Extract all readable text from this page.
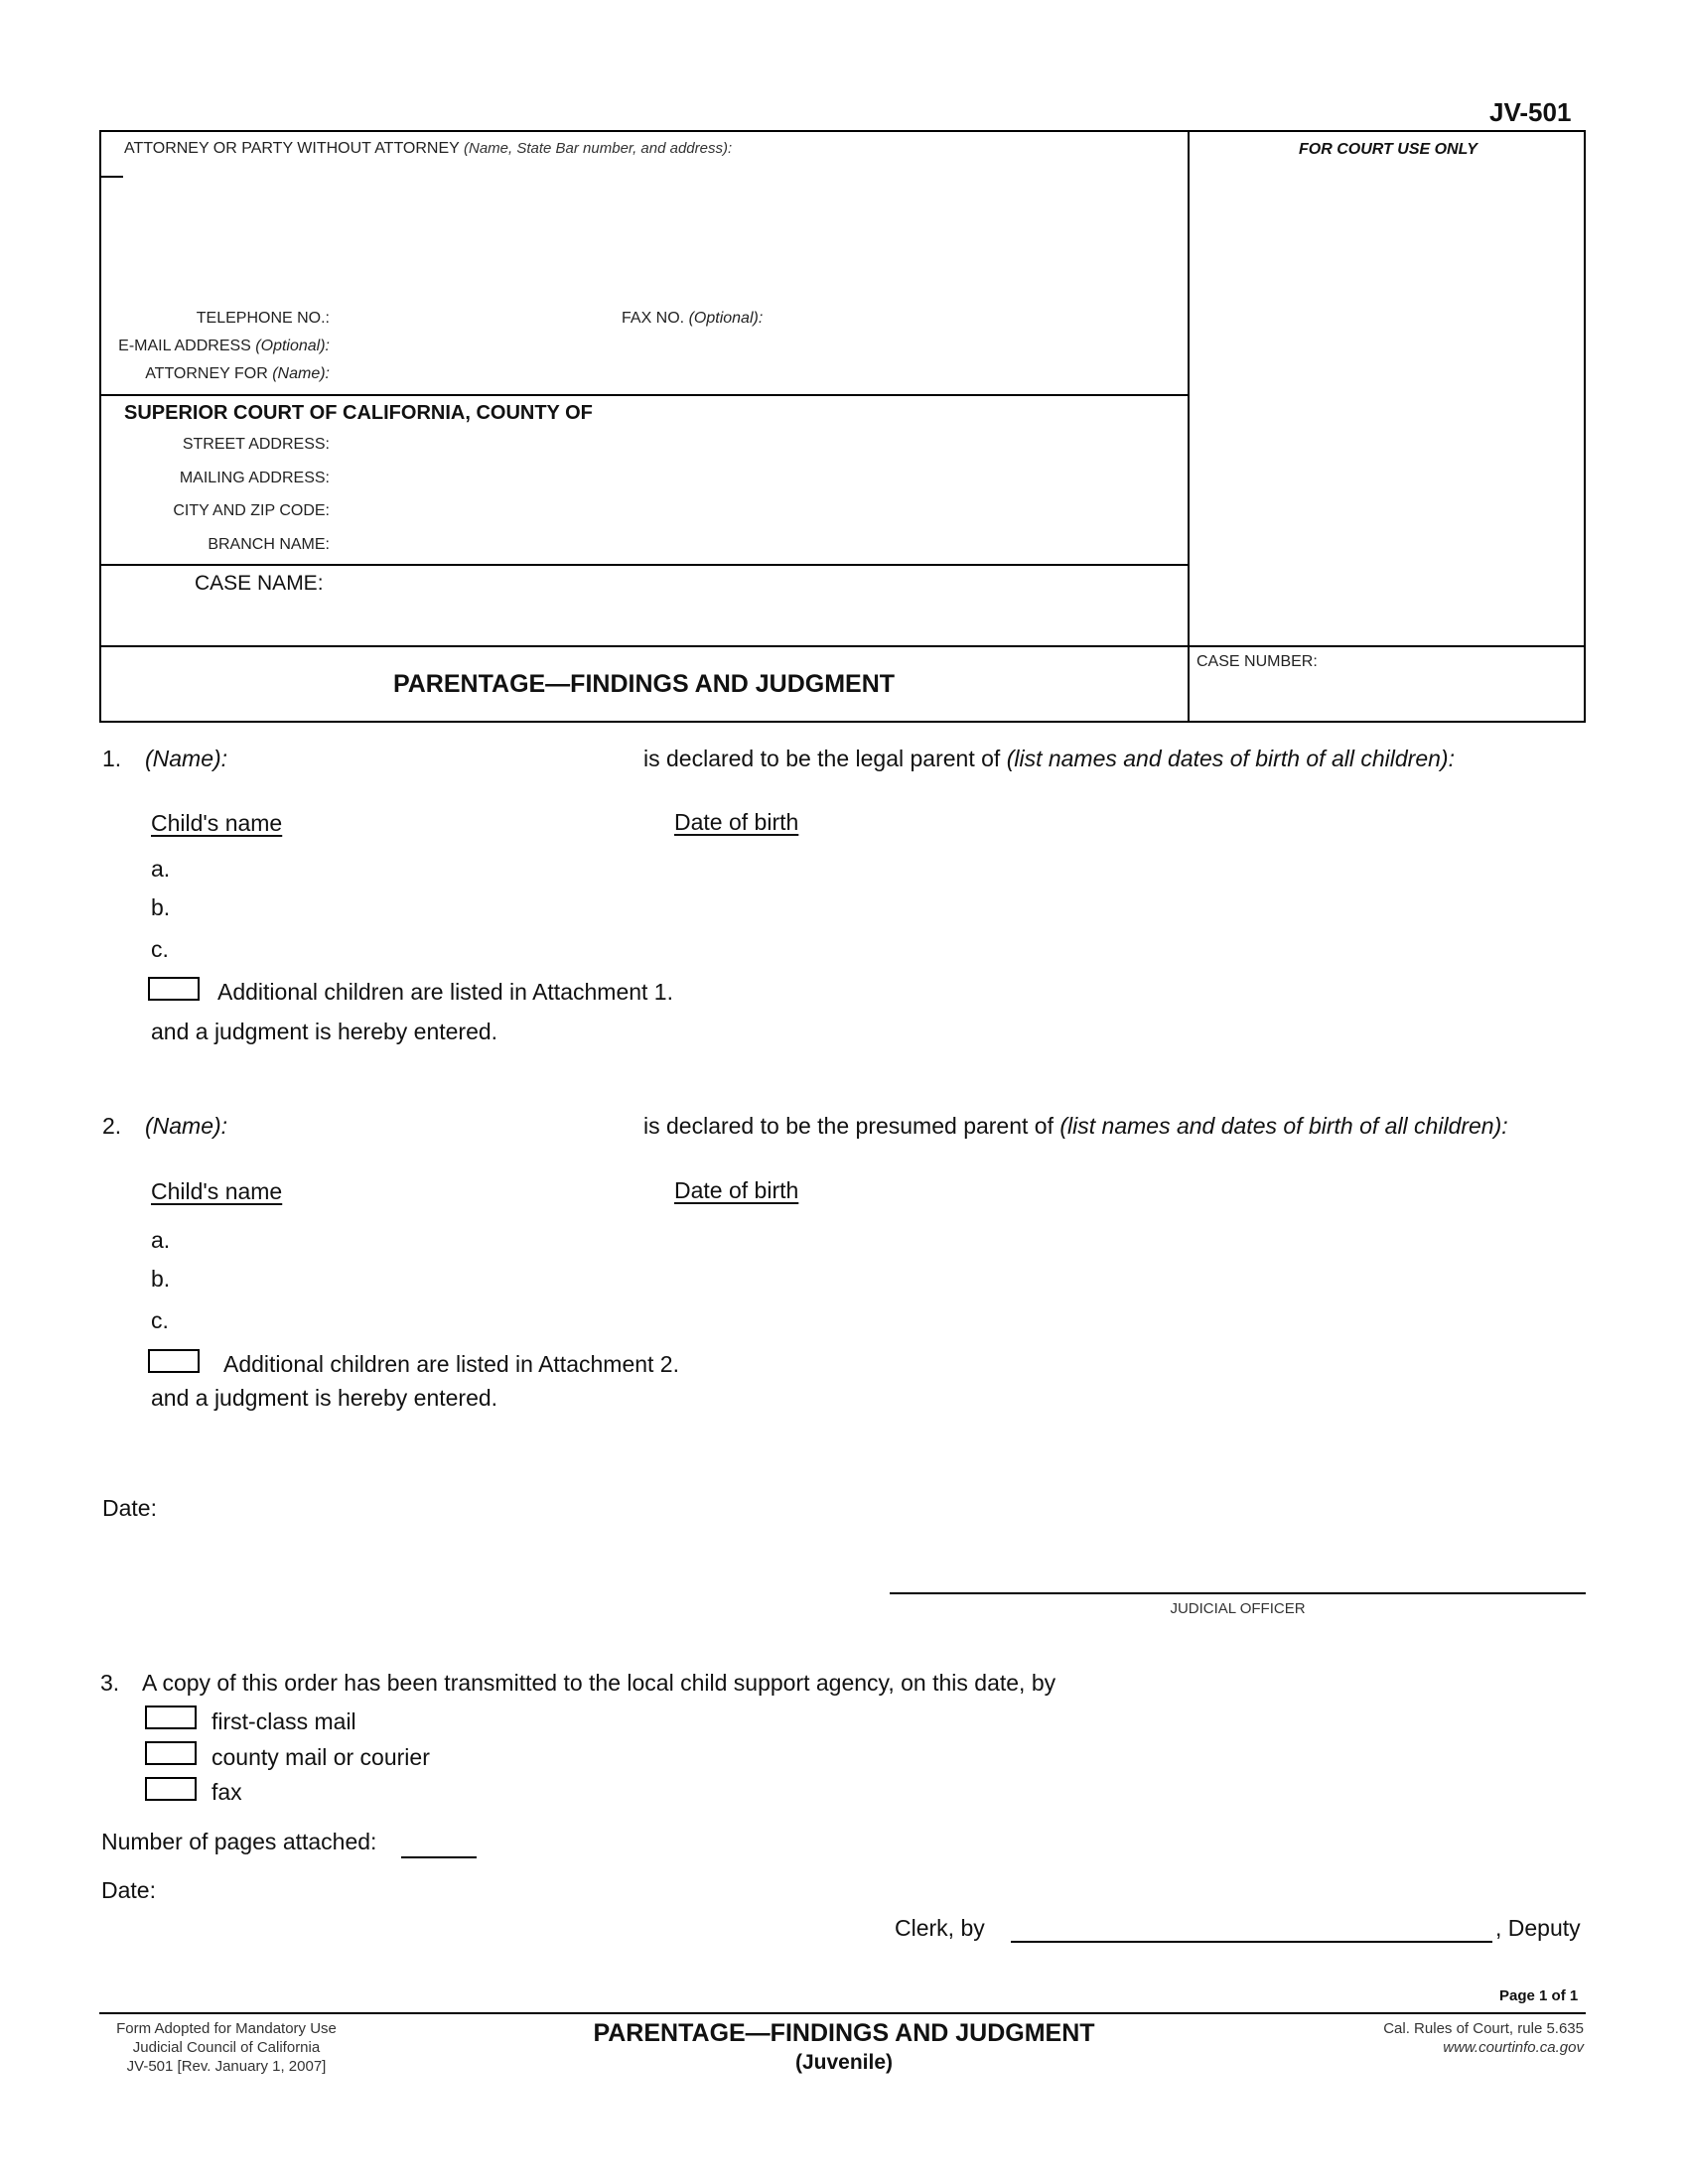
JV-501
ATTORNEY OR PARTY WITHOUT ATTORNEY (Name, State Bar number, and address):
TELEPHONE NO.:	FAX NO. (Optional):
E-MAIL ADDRESS (Optional):
ATTORNEY FOR (Name):
FOR COURT USE ONLY
SUPERIOR COURT OF CALIFORNIA, COUNTY OF
STREET ADDRESS:
MAILING ADDRESS:
CITY AND ZIP CODE:
BRANCH NAME:
CASE NAME:
PARENTAGE—FINDINGS AND JUDGMENT
CASE NUMBER:
1. (Name):	is declared to be the legal parent of (list names and dates of birth of all children):
Child's name	Date of birth
a.
b.
c.
Additional children are listed in Attachment 1.
and a judgment is hereby entered.
2. (Name):	is declared to be the presumed parent of (list names and dates of birth of all children):
Child's name	Date of birth
a.
b.
c.
Additional children are listed in Attachment 2.
and a judgment is hereby entered.
Date:
JUDICIAL OFFICER
3. A copy of this order has been transmitted to the local child support agency, on this date, by
first-class mail
county mail or courier
fax
Number of pages attached:
Date:
Clerk, by	, Deputy
Page 1 of 1
Form Adopted for Mandatory Use
Judicial Council of California
JV-501 [Rev. January 1, 2007]
PARENTAGE—FINDINGS AND JUDGMENT
(Juvenile)
Cal. Rules of Court, rule 5.635
www.courtinfo.ca.gov
